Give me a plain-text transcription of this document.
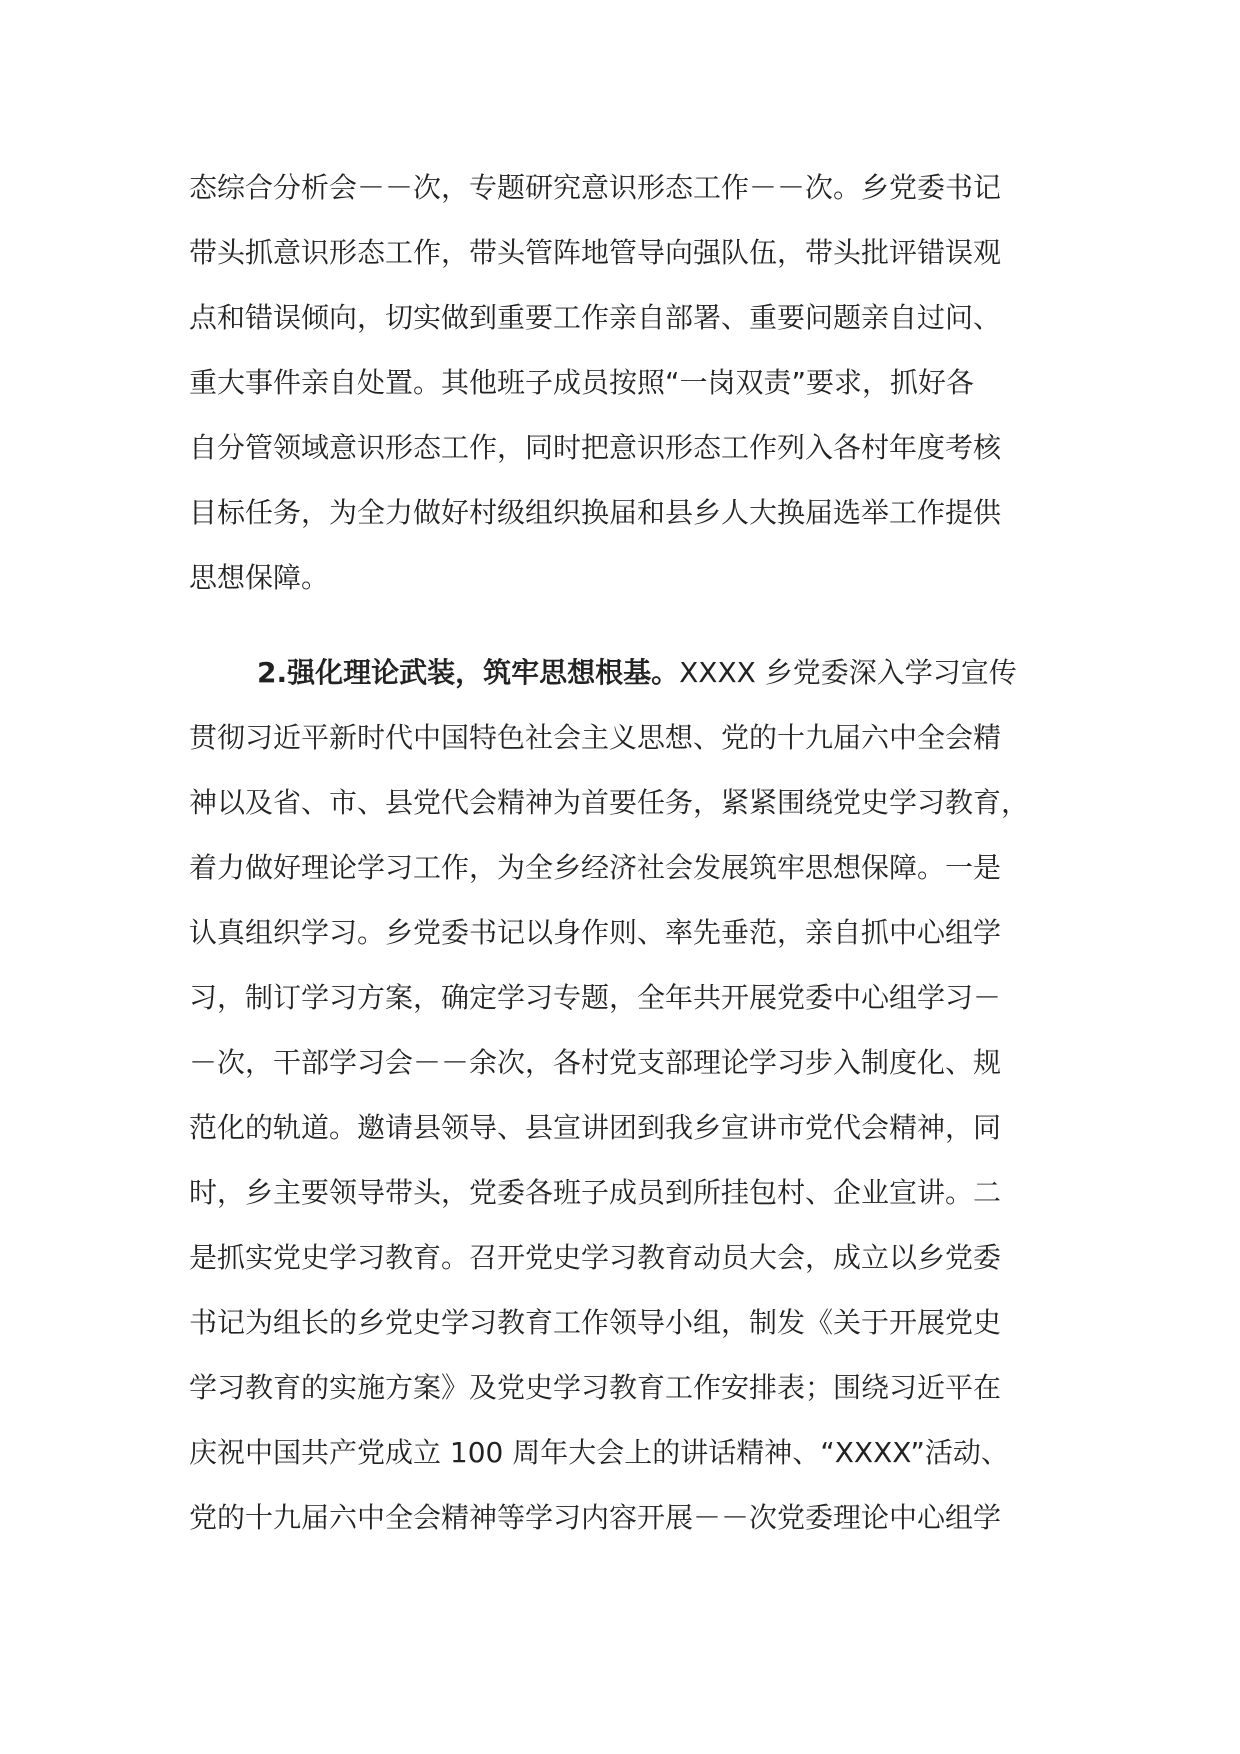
态综合分析会－－次，专题研究意识形态工作－－次。乡党委书记
带头抓意识形态工作，带头管阵地管导向强队伍，带头批评错误观
点和错误倾向，切实做到重要工作亲自部署、重要问题亲自过问、
重大事件亲自处置。其他班子成员按照“一岗双责”要求，抓好各
自分管领域意识形态工作，同时把意识形态工作列入各村年度考核
目标任务，为全力做好村级组织换届和县乡人大换届选举工作提供
思想保障。
2.强化理论武装，筑牢思想根基。XXXX 乡党委深入学习宣传
贯彻习近平新时代中国特色社会主义思想、党的十九届六中全会精
神以及省、市、县党代会精神为首要任务，紧紧围绕党史学习教育，
着力做好理论学习工作，为全乡经济社会发展筑牢思想保障。一是
认真组织学习。乡党委书记以身作则、率先垂范，亲自抓中心组学
习，制订学习方案，确定学习专题，全年共开展党委中心组学习－
－次，干部学习会－－余次，各村党支部理论学习步入制度化、规
范化的轨道。邀请县领导、县宣讲团到我乡宣讲市党代会精神，同
时，乡主要领导带头，党委各班子成员到所挂包村、企业宣讲。二
是抓实党史学习教育。召开党史学习教育动员大会，成立以乡党委
书记为组长的乡党史学习教育工作领导小组，制发《关于开展党史
学习教育的实施方案》及党史学习教育工作安排表；围绕习近平在
庆祝中国共产党成立 100 周年大会上的讲话精神、“XXXX”活动、
党的十九届六中全会精神等学习内容开展－－次党委理论中心组学
